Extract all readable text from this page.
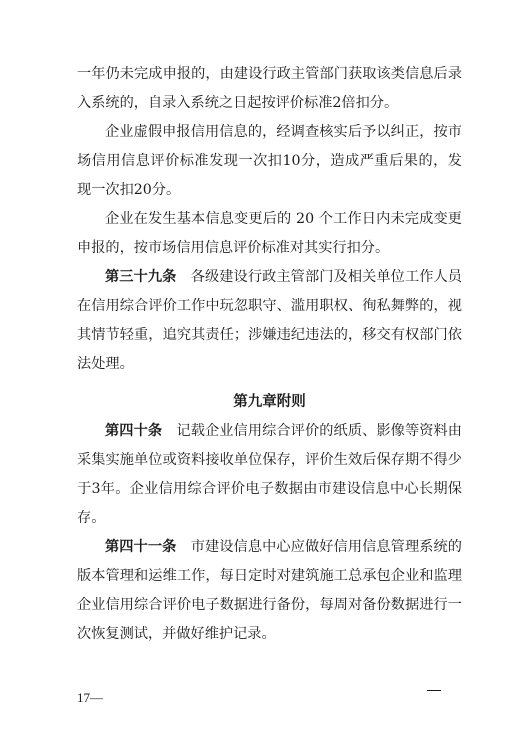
一年仍未完成申报的，由建设行政主管部门获取该类信息后录入系统的，自录入系统之日起按评价标准2倍扣分。

企业虚假申报信用信息的，经调查核实后予以纠正，按市场信用信息评价标准发现一次扣10分，造成严重后果的，发现一次扣20分。

企业在发生基本信息变更后的 20 个工作日内未完成变更申报的，按市场信用信息评价标准对其实行扣分。

第三十九条  各级建设行政主管部门及相关单位工作人员在信用综合评价工作中玩忽职守、滥用职权、徇私舞弊的，视其情节轻重，追究其责任；涉嫌违纪违法的，移交有权部门依法处理。

第九章附则

第四十条  记载企业信用综合评价的纸质、影像等资料由采集实施单位或资料接收单位保存，评价生效后保存期不得少于3年。企业信用综合评价电子数据由市建设信息中心长期保存。

第四十一条  市建设信息中心应做好信用信息管理系统的版本管理和运维工作，每日定时对建筑施工总承包企业和监理企业信用综合评价电子数据进行备份，每周对备份数据进行一次恢复测试，并做好维护记录。

17—
